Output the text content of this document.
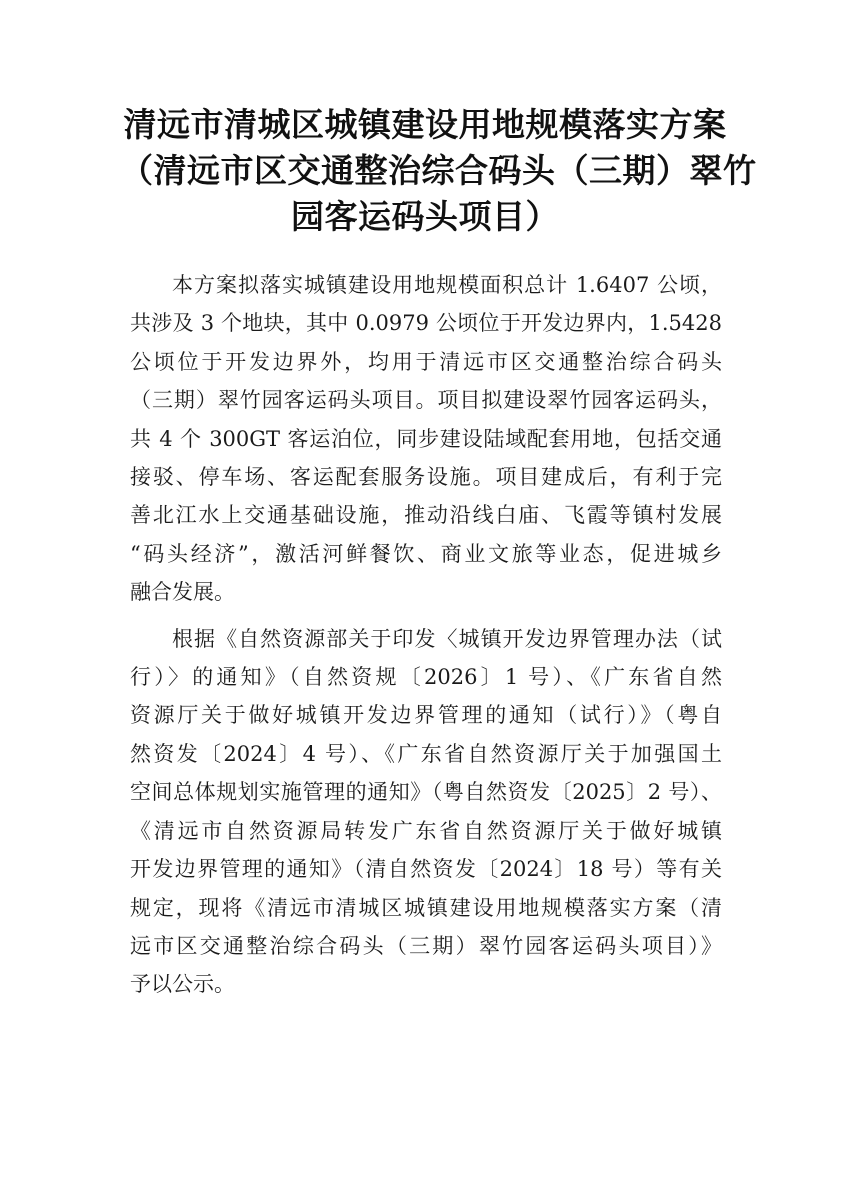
清远市清城区城镇建设用地规模落实方案
（清远市区交通整治综合码头（三期）翠竹
园客运码头项目）
本方案拟落实城镇建设用地规模面积总计 1.6407 公顷，
共涉及 3 个地块，其中 0.0979 公顷位于开发边界内，1.5428
公顷位于开发边界外，均用于清远市区交通整治综合码头
（三期）翠竹园客运码头项目。项目拟建设翠竹园客运码头，
共 4 个 300GT 客运泊位，同步建设陆域配套用地，包括交通
接驳、停车场、客运配套服务设施。项目建成后，有利于完
善北江水上交通基础设施，推动沿线白庙、飞霞等镇村发展
“码头经济”，激活河鲜餐饮、商业文旅等业态，促进城乡
融合发展。
根据《自然资源部关于印发〈城镇开发边界管理办法（试
行）〉的通知》（自然资规〔2026〕1 号）、《广东省自然
资源厅关于做好城镇开发边界管理的通知（试行）》（粤自
然资发〔2024〕4 号）、《广东省自然资源厅关于加强国土
空间总体规划实施管理的通知》（粤自然资发〔2025〕2 号）、
《清远市自然资源局转发广东省自然资源厅关于做好城镇
开发边界管理的通知》（清自然资发〔2024〕18 号）等有关
规定，现将《清远市清城区城镇建设用地规模落实方案（清
远市区交通整治综合码头（三期）翠竹园客运码头项目）》
予以公示。
